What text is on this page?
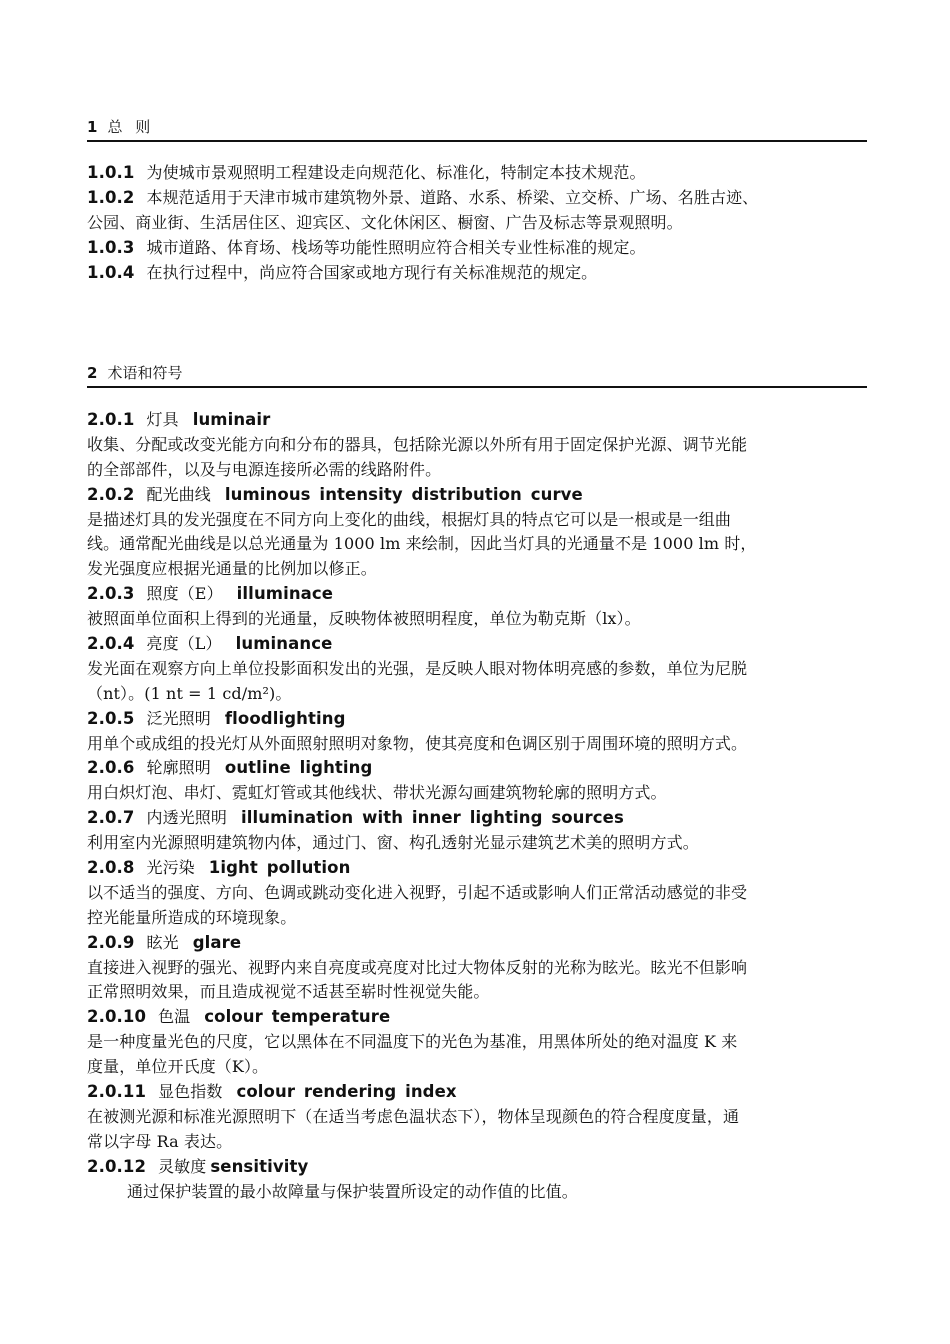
1 总 则
1.0.1 为使城市景观照明工程建设走向规范化、标准化，特制定本技术规范。
1.0.2 本规范适用于天津市城市建筑物外景、道路、水系、桥梁、立交桥、广场、名胜古迹、
公园、商业街、生活居住区、迎宾区、文化休闲区、橱窗、广告及标志等景观照明。
1.0.3 城市道路、体育场、栈场等功能性照明应符合相关专业性标准的规定。
1.0.4 在执行过程中，尚应符合国家或地方现行有关标准规范的规定。
2 术语和符号
2.0.1 灯具 luminair
收集、分配或改变光能方向和分布的器具，包括除光源以外所有用于固定保护光源、调节光能
的全部部件，以及与电源连接所必需的线路附件。
2.0.2 配光曲线 luminous intensity distribution curve
是描述灯具的发光强度在不同方向上变化的曲线，根据灯具的特点它可以是一根或是一组曲
线。通常配光曲线是以总光通量为 1000 lm 来绘制，因此当灯具的光通量不是 1000 lm 时，
发光强度应根据光通量的比例加以修正。
2.0.3 照度（E） illuminace
被照面单位面积上得到的光通量，反映物体被照明程度，单位为勒克斯（lx）。
2.0.4 亮度（L） luminance
发光面在观察方向上单位投影面积发出的光强，是反映人眼对物体明亮感的参数，单位为尼脱
（nt）。(1 nt = 1 cd/m²)。
2.0.5 泛光照明 floodlighting
用单个或成组的投光灯从外面照射照明对象物，使其亮度和色调区别于周围环境的照明方式。
2.0.6 轮廓照明 outline lighting
用白炽灯泡、串灯、霓虹灯管或其他线状、带状光源勾画建筑物轮廓的照明方式。
2.0.7 内透光照明 illumination with inner lighting sources
利用室内光源照明建筑物内体，通过门、窗、构孔透射光显示建筑艺术美的照明方式。
2.0.8 光污染 1ight pollution
以不适当的强度、方向、色调或跳动变化进入视野，引起不适或影响人们正常活动感觉的非受
控光能量所造成的环境现象。
2.0.9 眩光 glare
直接进入视野的强光、视野内来自亮度或亮度对比过大物体反射的光称为眩光。眩光不但影响
正常照明效果，而且造成视觉不适甚至崭时性视觉失能。
2.0.10 色温 colour temperature
是一种度量光色的尺度，它以黑体在不同温度下的光色为基准，用黑体所处的绝对温度 K 来
度量，单位开氏度（K）。
2.0.11 显色指数 colour rendering index
在被测光源和标准光源照明下（在适当考虑色温状态下），物体呈现颜色的符合程度度量，通
常以字母 Ra 表达。
2.0.12 灵敏度 sensitivity
通过保护装置的最小故障量与保护装置所设定的动作值的比值。
